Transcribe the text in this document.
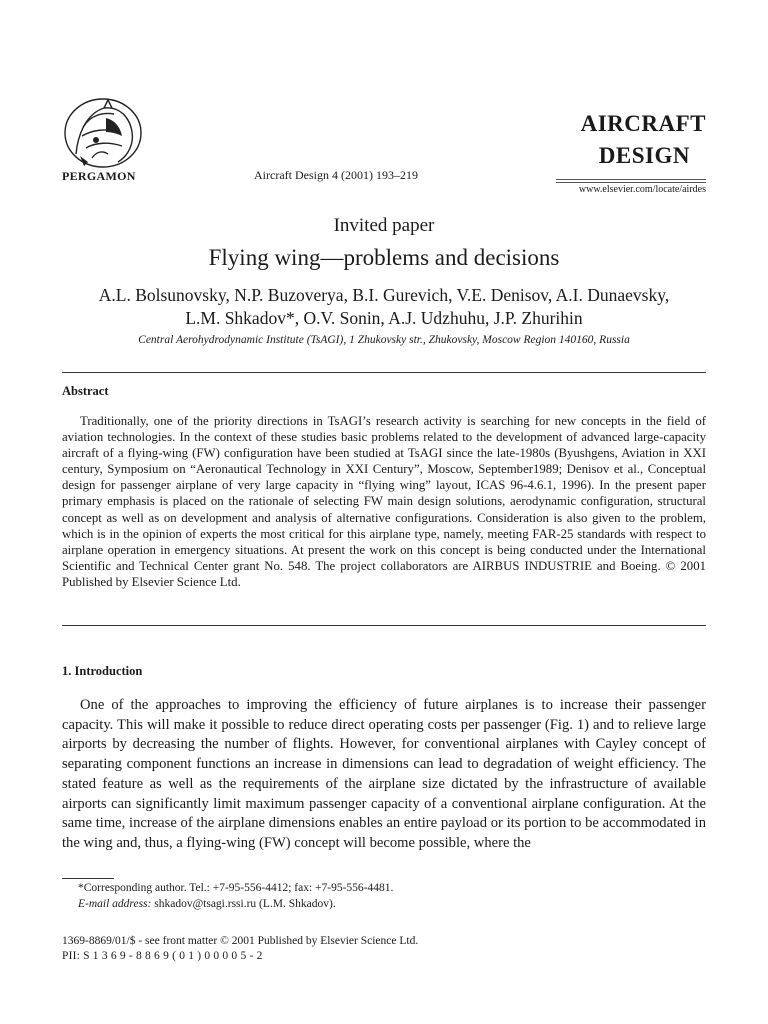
PERGAMON	Aircraft Design 4 (2001) 193–219
AIRCRAFT
DESIGN
www.elsevier.com/locate/airdes
Invited paper
Flying wing—problems and decisions
A.L. Bolsunovsky, N.P. Buzoverya, B.I. Gurevich, V.E. Denisov, A.I. Dunaevsky,
L.M. Shkadov*, O.V. Sonin, A.J. Udzhuhu, J.P. Zhurihin
Central Aerohydrodynamic Institute (TsAGI), 1 Zhukovsky str., Zhukovsky, Moscow Region 140160, Russia
Abstract

Traditionally, one of the priority directions in TsAGI’s research activity is searching for new concepts in the field of aviation technologies. In the context of these studies basic problems related to the development of advanced large-capacity aircraft of a flying-wing (FW) configuration have been studied at TsAGI since the late-1980s (Byushgens, Aviation in XXI century, Symposium on “Aeronautical Technology in XXI Century”, Moscow, September1989; Denisov et al., Conceptual design for passenger airplane of very large capacity in “flying wing” layout, ICAS 96-4.6.1, 1996). In the present paper primary emphasis is placed on the rationale of selecting FW main design solutions, aerodynamic configuration, structural concept as well as on development and analysis of alternative configurations. Consideration is also given to the problem, which is in the opinion of experts the most critical for this airplane type, namely, meeting FAR-25 standards with respect to airplane operation in emergency situations. At present the work on this concept is being conducted under the International Scientific and Technical Center grant No. 548. The project collaborators are AIRBUS INDUSTRIE and Boeing. © 2001 Published by Elsevier Science Ltd.

1. Introduction

One of the approaches to improving the efficiency of future airplanes is to increase their passenger capacity. This will make it possible to reduce direct operating costs per passenger (Fig. 1) and to relieve large airports by decreasing the number of flights. However, for conventional airplanes with Cayley concept of separating component functions an increase in dimensions can lead to degradation of weight efficiency. The stated feature as well as the requirements of the airplane size dictated by the infrastructure of available airports can significantly limit maximum passenger capacity of a conventional airplane configuration. At the same time, increase of the airplane dimensions enables an entire payload or its portion to be accommodated in the wing and, thus, a flying-wing (FW) concept will become possible, where the

*Corresponding author. Tel.: +7-95-556-4412; fax: +7-95-556-4481.
E-mail address: shkadov@tsagi.rssi.ru (L.M. Shkadov).
1369-8869/01/$ - see front matter © 2001 Published by Elsevier Science Ltd.
PII: S 1 3 6 9 - 8 8 6 9 ( 0 1 ) 0 0 0 0 5 - 2
